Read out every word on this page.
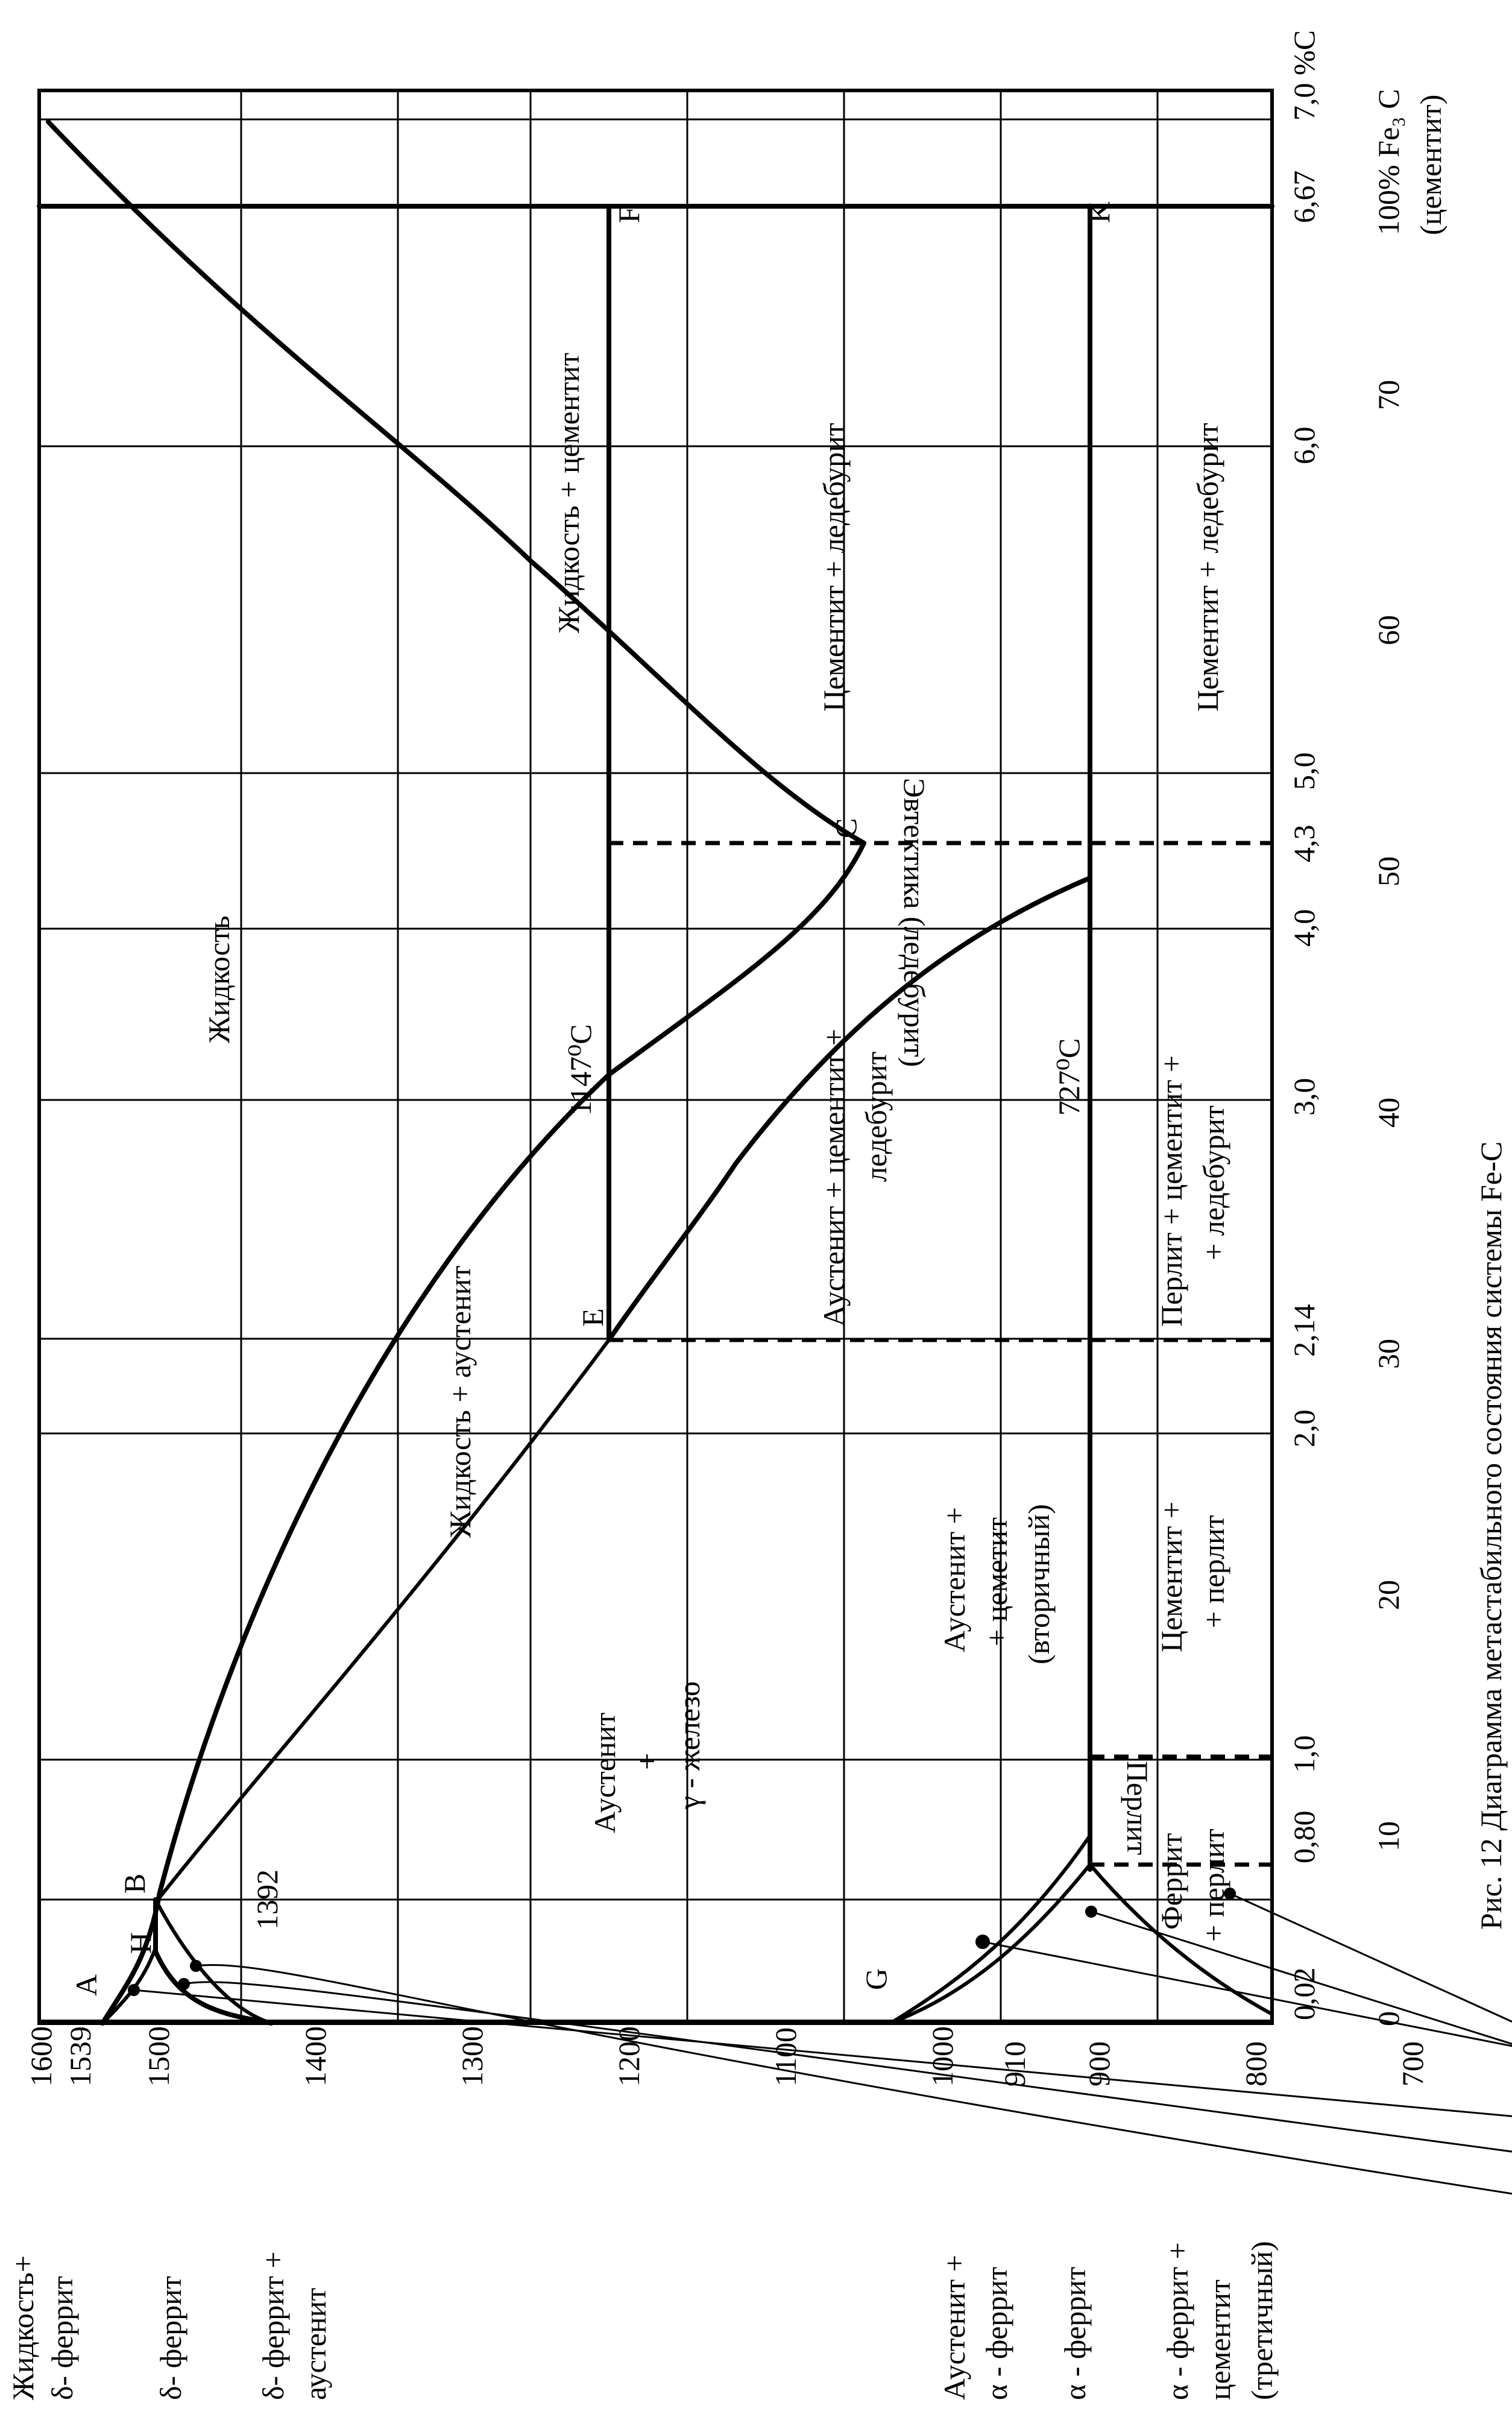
1600 1539 1500	1400	1300	1200	1100	1000 910 900	800	700
0,02
0,80
1,0
2,0
2,14
3,0
4,0
4,3
5,0
6,0
6,67
7,0 %C
0
10
20
30
40
50
60
70
100% Fe₃ C (цементит)
A
B
H
G
E
C
F	K
1392
1147⁰C	727⁰C
Жидкость
Жидкость + аустенит
Жидкость + цементит
Аустенит + γ - железо
Аустенит + + цеметит (вторичный)
Аустенит + цементит + ледебурит
Цементит + ледебурит	Цементит + ледебурит
Эвтектика (ледебурит)
Перлит
Феррит + перлит
Цементит + + перлит
Перлит + цементит + + ледебурит
Жидкость+ δ- феррит δ- феррит δ- феррит + аустенит	Аустенит + α - феррит α - феррит α - феррит + цементит (третичный)
Рис. 12 Диаграмма метастабильного состояния системы Fe-C
